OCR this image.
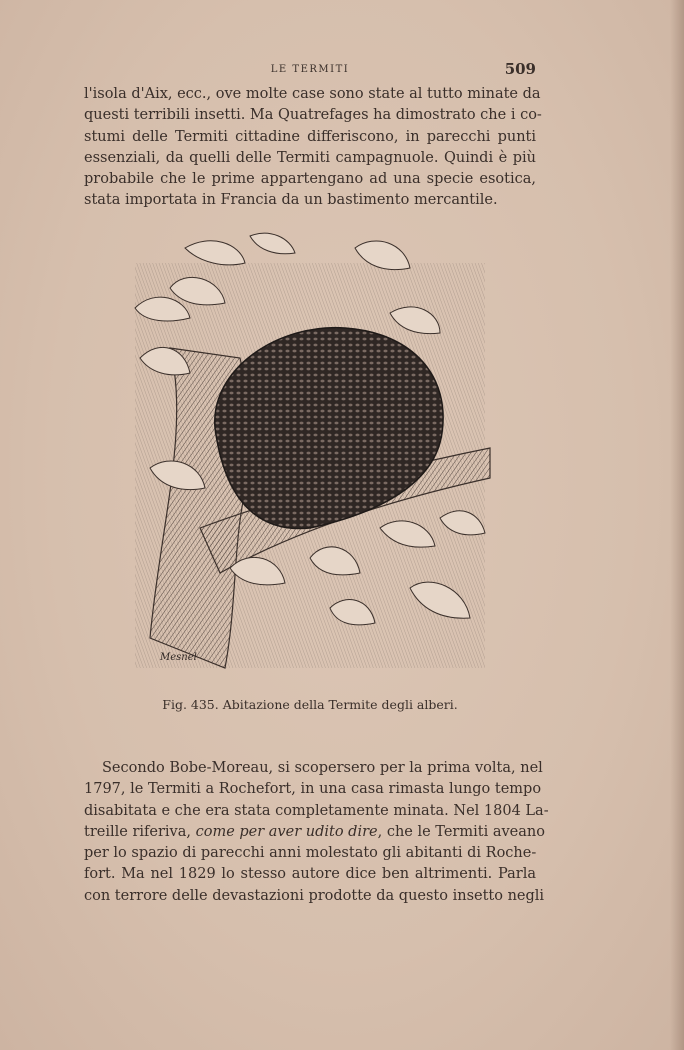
LE TERMITI	509
l'isola d'Aix, ecc., ove molte case sono state al tutto minate da
questi terribili insetti. Ma Quatrefages ha dimostrato che i co-
stumi delle Termiti cittadine differiscono, in parecchi punti
essenziali, da quelli delle Termiti campagnuole. Quindi è più
probabile che le prime appartengano ad una specie esotica,
stata importata in Francia da un bastimento mercantile.
Mesnel
Fig. 435. Abitazione della Termite degli alberi.
Secondo Bobe-Moreau, si scopersero per la prima volta, nel
1797, le Termiti a Rochefort, in una casa rimasta lungo tempo
disabitata e che era stata completamente minata. Nel 1804 La-
treille riferiva, come per aver udito dire, che le Termiti aveano
per lo spazio di parecchi anni molestato gli abitanti di Roche-
fort. Ma nel 1829 lo stesso autore dice ben altrimenti. Parla
con terrore delle devastazioni prodotte da questo insetto negli
